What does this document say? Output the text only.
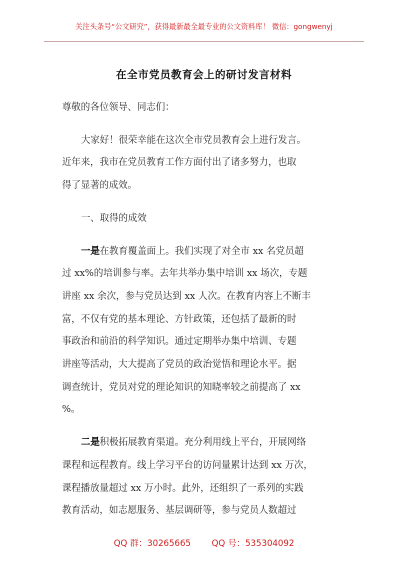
关注头条号“公文研究”，获得最新最全最专业的公文资料库！ 微信：gongwenyj
在全市党员教育会上的研讨发言材料
尊敬的各位领导、同志们：
大家好！很荣幸能在这次全市党员教育会上进行发言。
近年来，我市在党员教育工作方面付出了诸多努力，也取
得了显著的成效。
一、取得的成效
一是在教育覆盖面上。我们实现了对全市 xx 名党员超
过 xx%的培训参与率。去年共举办集中培训 xx 场次，专题
讲座 xx 余次，参与党员达到 xx 人次。在教育内容上不断丰
富，不仅有党的基本理论、方针政策，还包括了最新的时
事政治和前沿的科学知识。通过定期举办集中培训、专题
讲座等活动，大大提高了党员的政治觉悟和理论水平。据
调查统计，党员对党的理论知识的知晓率较之前提高了 xx
%。
二是积极拓展教育渠道。充分利用线上平台，开展网络
课程和远程教育。线上学习平台的访问量累计达到 xx 万次，
课程播放量超过 xx 万小时。此外，还组织了一系列的实践
教育活动，如志愿服务、基层调研等，参与党员人数超过
QQ 群：30265665 QQ 号：535304092
